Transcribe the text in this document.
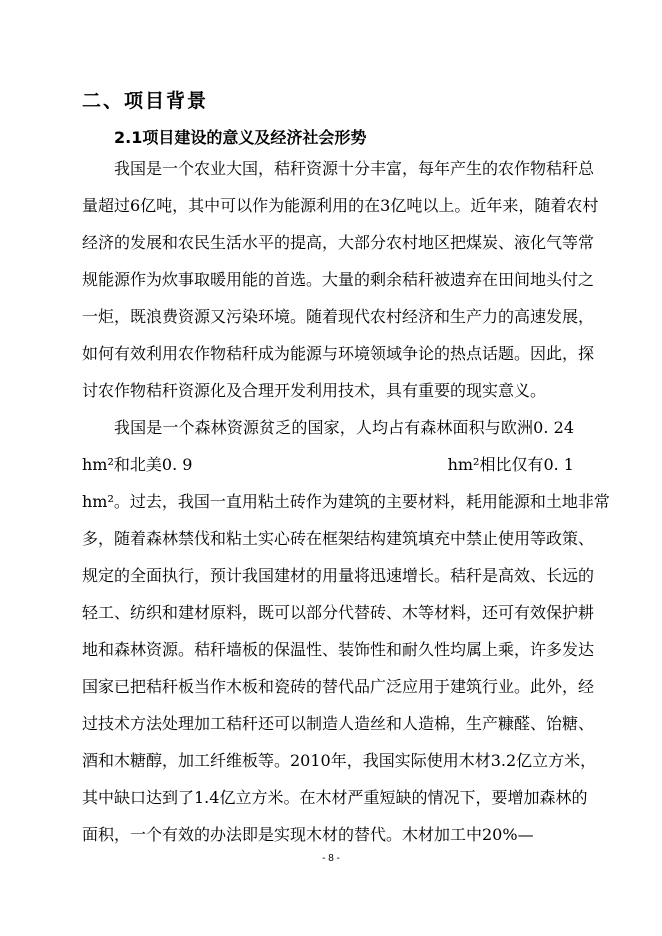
二、项目背景
2.1项目建设的意义及经济社会形势
我国是一个农业大国，秸秆资源十分丰富，每年产生的农作物秸秆总
量超过6亿吨，其中可以作为能源利用的在3亿吨以上。近年来，随着农村
经济的发展和农民生活水平的提高，大部分农村地区把煤炭、液化气等常
规能源作为炊事取暖用能的首选。大量的剩余秸秆被遗弃在田间地头付之
一炬，既浪费资源又污染环境。随着现代农村经济和生产力的高速发展，
如何有效利用农作物秸秆成为能源与环境领域争论的热点话题。因此，探
讨农作物秸秆资源化及合理开发利用技术，具有重要的现实意义。
我国是一个森林资源贫乏的国家，人均占有森林面积与欧洲0. 24
hm²和北美0. 9	hm²相比仅有0. 1
hm²。过去，我国一直用粘土砖作为建筑的主要材料，耗用能源和土地非常
多，随着森林禁伐和粘土实心砖在框架结构建筑填充中禁止使用等政策、
规定的全面执行，预计我国建材的用量将迅速增长。秸秆是高效、长远的
轻工、纺织和建材原料，既可以部分代替砖、木等材料，还可有效保护耕
地和森林资源。秸秆墙板的保温性、装饰性和耐久性均属上乘，许多发达
国家已把秸秆板当作木板和瓷砖的替代品广泛应用于建筑行业。此外，经
过技术方法处理加工秸秆还可以制造人造丝和人造棉，生产糠醛、饴糖、
酒和木糖醇，加工纤维板等。2010年，我国实际使用木材3.2亿立方米，
其中缺口达到了1.4亿立方米。在木材严重短缺的情况下，要增加森林的
面积，一个有效的办法即是实现木材的替代。木材加工中20%—
- 8 -
